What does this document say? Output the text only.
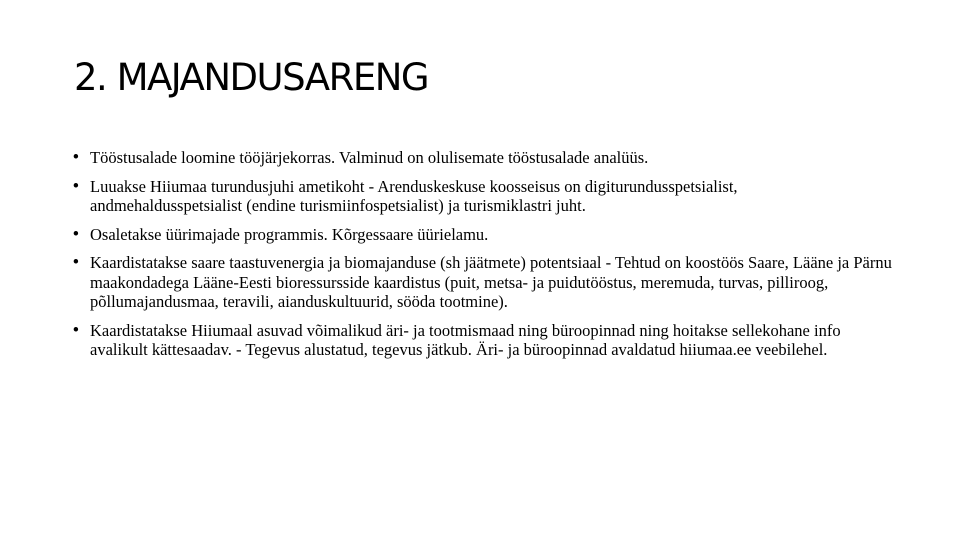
2. MAJANDUSARENG
• Tööstusalade loomine tööjärjekorras. Valminud on olulisemate tööstusalade analüüs.
• Luuakse Hiiumaa turundusjuhi ametikoht - Arenduskeskuse koosseisus on digiturundusspetsialist, andmehaldusspetsialist (endine turismiinfospetsialist) ja turismiklastri juht.
• Osaletakse üürimajade programmis. Kõrgessaare üürielamu.
• Kaardistatakse saare taastuvenergia ja biomajanduse (sh jäätmete) potentsiaal - Tehtud on koostöös Saare, Lääne ja Pärnu maakondadega Lääne-Eesti bioressursside kaardistus (puit, metsa- ja puidutööstus, meremuda, turvas, pilliroog, põllumajandusmaa, teravili, aianduskultuurid, sööda tootmine).
• Kaardistatakse Hiiumaal asuvad võimalikud äri- ja tootmismaad ning büroopinnad ning hoitakse sellekohane info avalikult kättesaadav. - Tegevus alustatud, tegevus jätkub. Äri- ja büroopinnad avaldatud hiiumaa.ee veebilehel.
